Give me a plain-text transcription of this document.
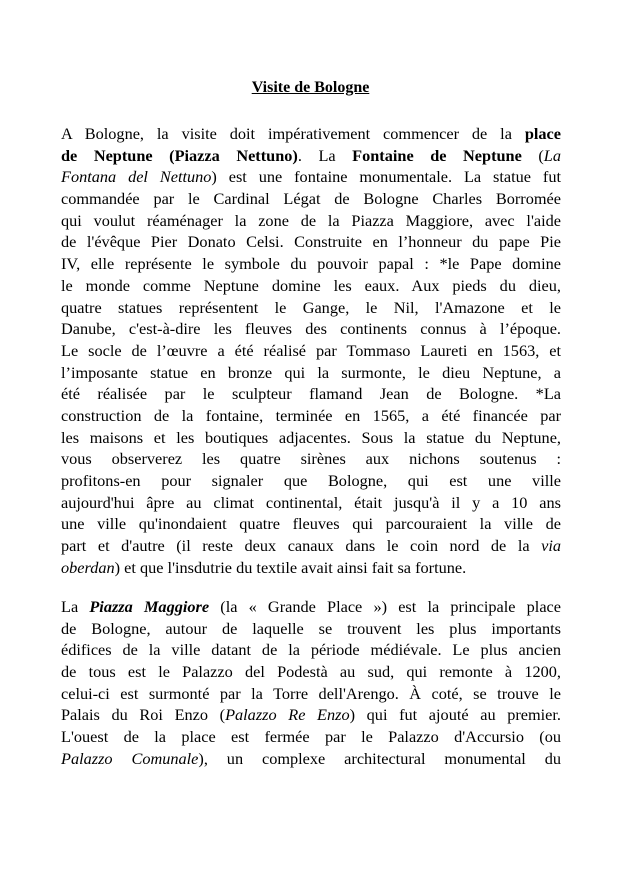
Visite de Bologne
A Bologne, la visite doit impérativement commencer de la place
de Neptune (Piazza Nettuno). La Fontaine de Neptune (La
Fontana del Nettuno) est une fontaine monumentale. La statue fut
commandée par le Cardinal Légat de Bologne Charles Borromée
qui voulut réaménager la zone de la Piazza Maggiore, avec l'aide
de l'évêque Pier Donato Celsi. Construite en l’honneur du pape Pie
IV, elle représente le symbole du pouvoir papal : *le Pape domine
le monde comme Neptune domine les eaux. Aux pieds du dieu,
quatre statues représentent le Gange, le Nil, l'Amazone et le
Danube, c'est-à-dire les fleuves des continents connus à l’époque.
Le socle de l’œuvre a été réalisé par Tommaso Laureti en 1563, et
l’imposante statue en bronze qui la surmonte, le dieu Neptune, a
été réalisée par le sculpteur flamand Jean de Bologne. *La
construction de la fontaine, terminée en 1565, a été financée par
les maisons et les boutiques adjacentes. Sous la statue du Neptune,
vous observerez les quatre sirènes aux nichons soutenus :
profitons-en pour signaler que Bologne, qui est une ville
aujourd'hui âpre au climat continental, était jusqu'à il y a 10 ans
une ville qu'inondaient quatre fleuves qui parcouraient la ville de
part et d'autre (il reste deux canaux dans le coin nord de la via
oberdan) et que l'insdutrie du textile avait ainsi fait sa fortune.
La Piazza Maggiore (la « Grande Place ») est la principale place
de Bologne, autour de laquelle se trouvent les plus importants
édifices de la ville datant de la période médiévale. Le plus ancien
de tous est le Palazzo del Podestà au sud, qui remonte à 1200,
celui-ci est surmonté par la Torre dell'Arengo. À coté, se trouve le
Palais du Roi Enzo (Palazzo Re Enzo) qui fut ajouté au premier.
L'ouest de la place est fermée par le Palazzo d'Accursio (ou
Palazzo Comunale), un complexe architectural monumental du
